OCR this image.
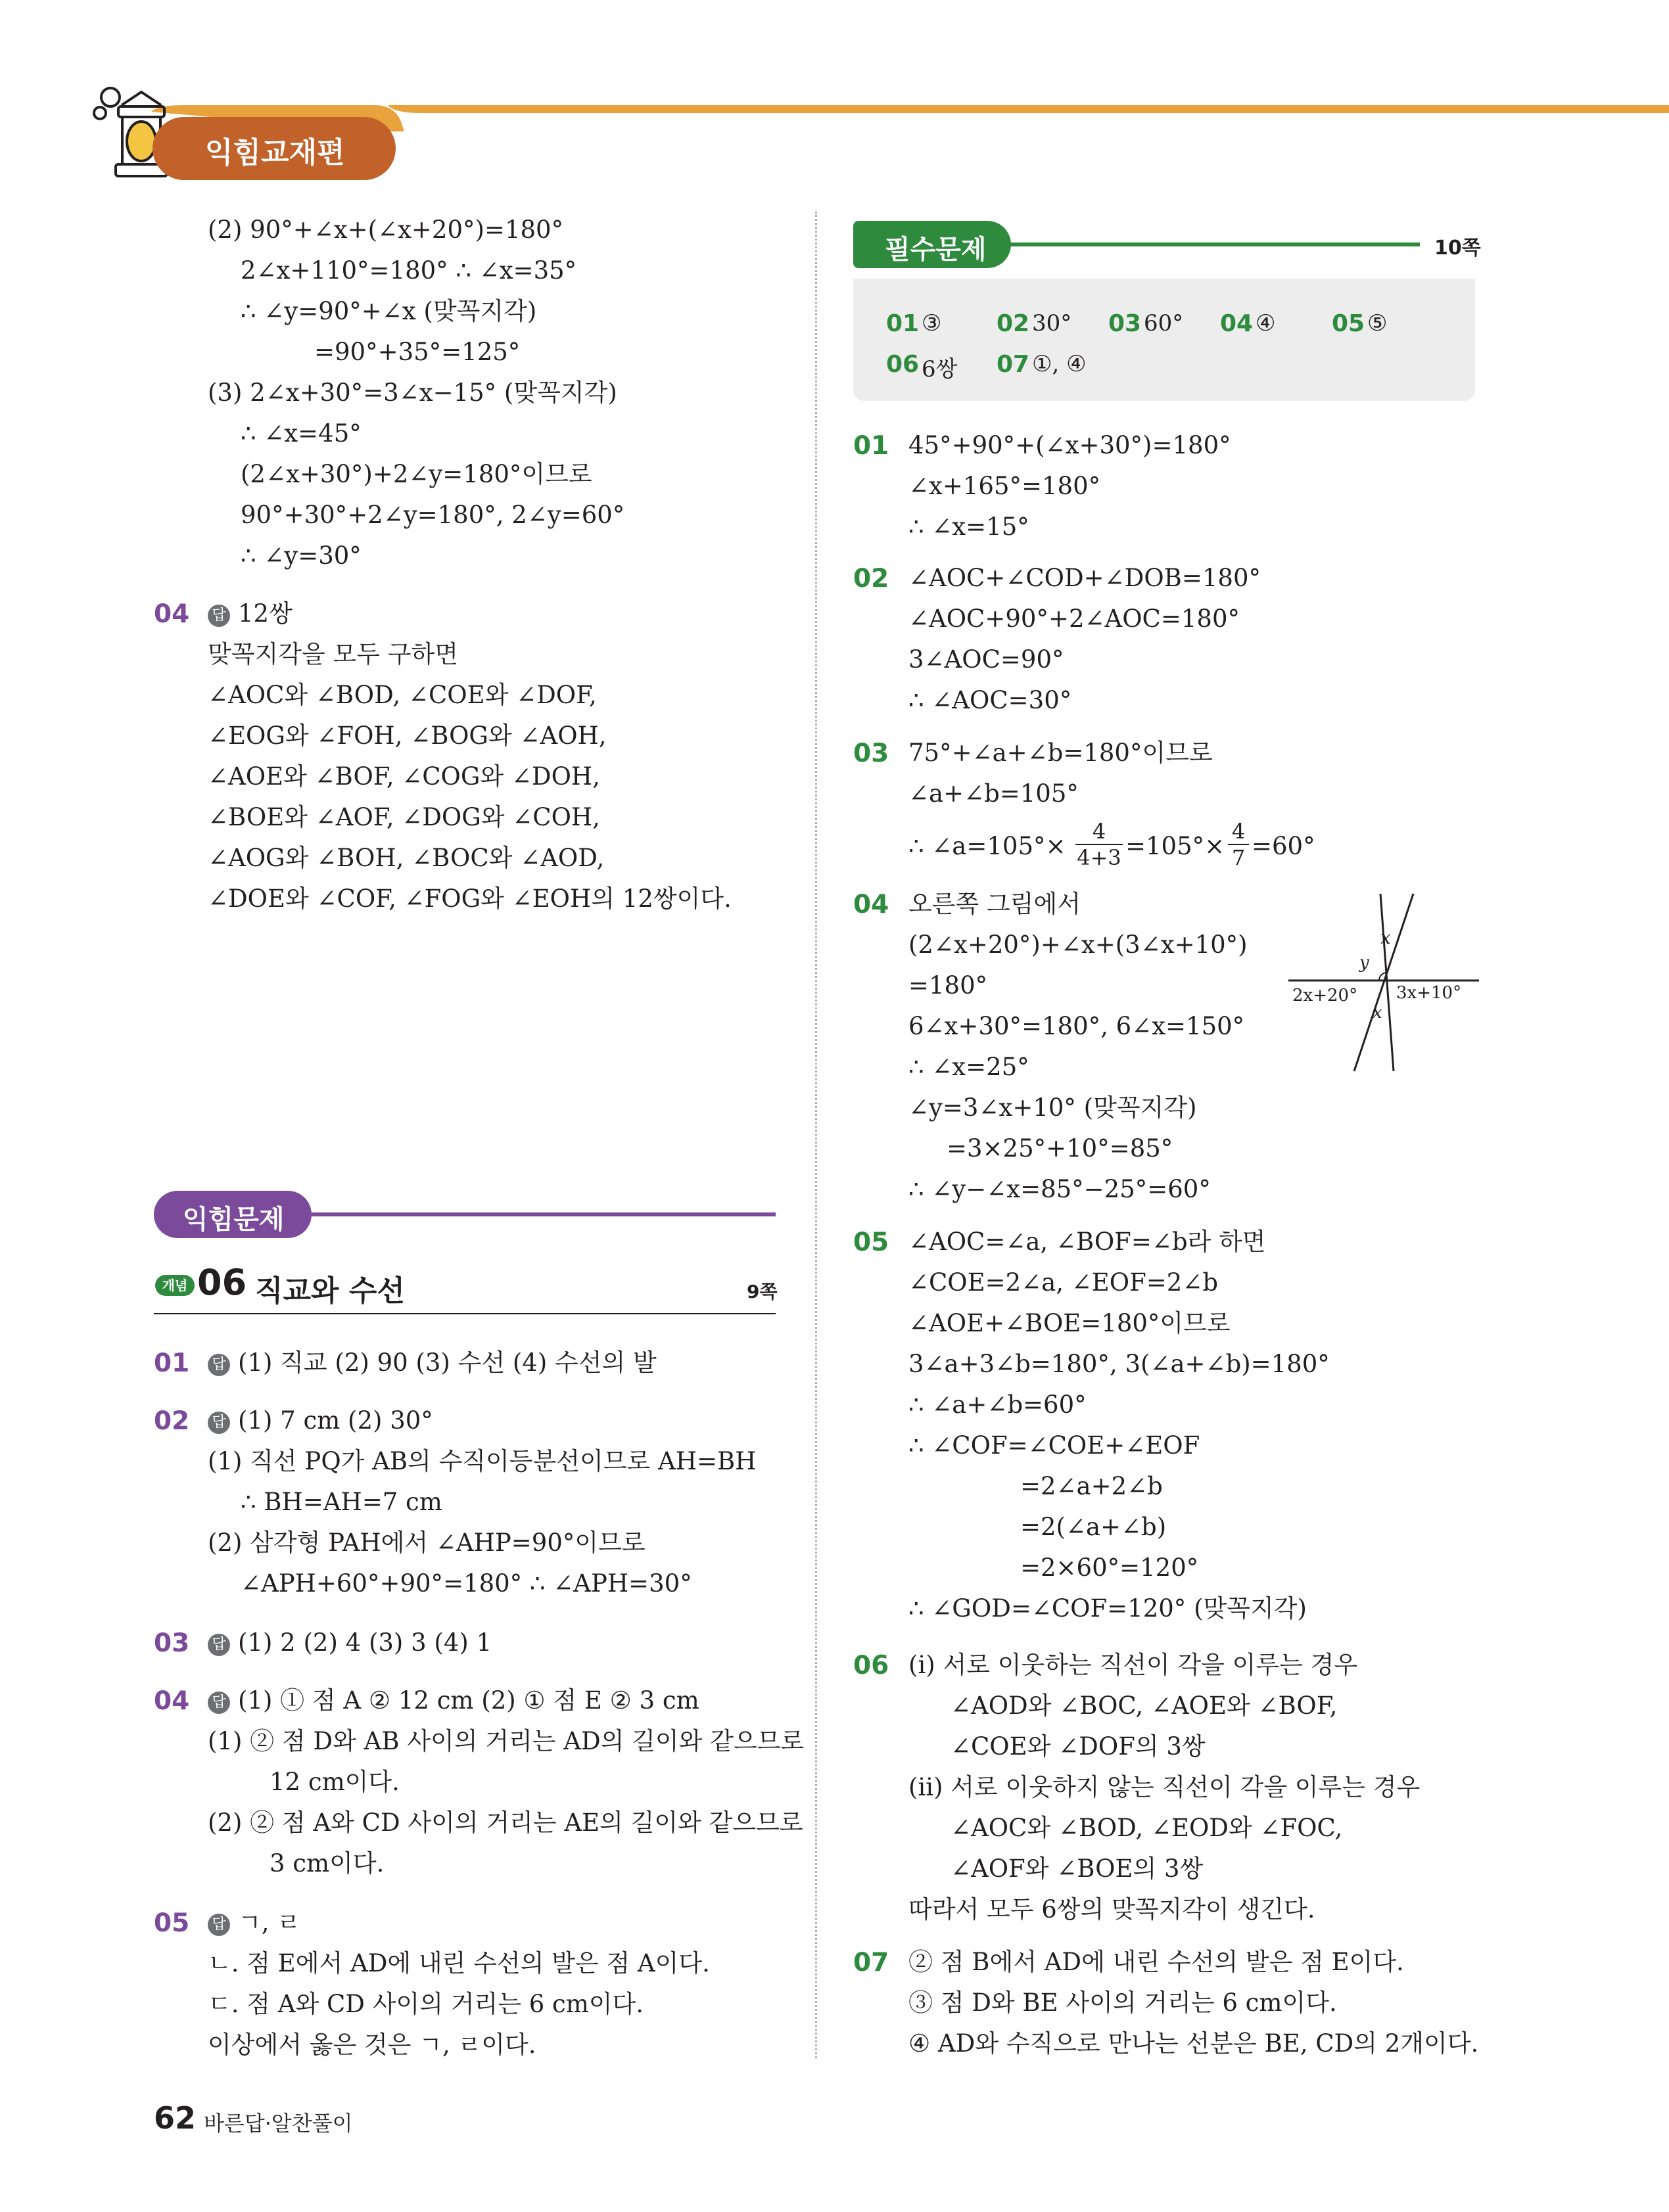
익힘교재편
(2) 90°+∠x+(∠x+20°)=180°
2∠x+110°=180° ∴ ∠x=35°
∴ ∠y=90°+∠x (맞꼭지각)
=90°+35°=125°
(3) 2∠x+30°=3∠x−15° (맞꼭지각)
∴ ∠x=45°
(2∠x+30°)+2∠y=180°이므로
90°+30°+2∠y=180°, 2∠y=60°
∴ ∠y=30°
04 답 12쌍
맞꼭지각을 모두 구하면
∠AOC와 ∠BOD, ∠COE와 ∠DOF,
∠EOG와 ∠FOH, ∠BOG와 ∠AOH,
∠AOE와 ∠BOF, ∠COG와 ∠DOH,
∠BOE와 ∠AOF, ∠DOG와 ∠COH,
∠AOG와 ∠BOH, ∠BOC와 ∠AOD,
∠DOE와 ∠COF, ∠FOG와 ∠EOH의 12쌍이다.
익힘문제
개념 06 직교와 수선	9쪽
01 답 (1) 직교 (2) 90 (3) 수선 (4) 수선의 발
02 답 (1) 7 cm (2) 30°
(1) 직선 PQ가 AB의 수직이등분선이므로 AH=BH
∴ BH=AH=7 cm
(2) 삼각형 PAH에서 ∠AHP=90°이므로
∠APH+60°+90°=180° ∴ ∠APH=30°
03 답 (1) 2 (2) 4 (3) 3 (4) 1
04 답 (1) ① 점 A ② 12 cm (2) ① 점 E ② 3 cm
(1) ② 점 D와 AB 사이의 거리는 AD의 길이와 같으므로
12 cm이다.
(2) ② 점 A와 CD 사이의 거리는 AE의 길이와 같으므로
3 cm이다.
05 답 ㄱ, ㄹ
ㄴ. 점 E에서 AD에 내린 수선의 발은 점 A이다.
ㄷ. 점 A와 CD 사이의 거리는 6 cm이다.
이상에서 옳은 것은 ㄱ, ㄹ이다.
필수문제	10쪽
01 ③ 02 30° 03 60° 04 ④ 05 ⑤
06 6쌍 07 ①, ④
01 45°+90°+(∠x+30°)=180°
∠x+165°=180°
∴ ∠x=15°
02 ∠AOC+∠COD+∠DOB=180°
∠AOC+90°+2∠AOC=180°
3∠AOC=90°
∴ ∠AOC=30°
03 75°+∠a+∠b=180°이므로
∠a+∠b=105°
∴ ∠a=105°× $\frac{4}{4+3} =105^\circ\times \frac{4}{7} =60^\circ$
04 오른쪽 그림에서
(2∠x+20°)+∠x+(3∠x+10°)
=180°
6∠x+30°=180°, 6∠x=150°
∴ ∠x=25°
∠y=3∠x+10° (맞꼭지각)
=3×25°+10°=85°
∴ ∠y−∠x=85°−25°=60°
x
y
2x+20° 3x+10°
x
05 ∠AOC=∠a, ∠BOF=∠b라 하면
∠COE=2∠a, ∠EOF=2∠b
∠AOE+∠BOE=180°이므로
3∠a+3∠b=180°, 3(∠a+∠b)=180°
∴ ∠a+∠b=60°
∴ ∠COF=∠COE+∠EOF
=2∠a+2∠b
=2(∠a+∠b)
=2×60°=120°
∴ ∠GOD=∠COF=120° (맞꼭지각)
06 (ⅰ) 서로 이웃하는 직선이 각을 이루는 경우
∠AOD와 ∠BOC, ∠AOE와 ∠BOF,
∠COE와 ∠DOF의 3쌍
(ⅱ) 서로 이웃하지 않는 직선이 각을 이루는 경우
∠AOC와 ∠BOD, ∠EOD와 ∠FOC,
∠AOF와 ∠BOE의 3쌍
따라서 모두 6쌍의 맞꼭지각이 생긴다.
07 ② 점 B에서 AD에 내린 수선의 발은 점 E이다.
③ 점 D와 BE 사이의 거리는 6 cm이다.
④ AD와 수직으로 만나는 선분은 BE, CD의 2개이다.
62 바른답·알찬풀이
